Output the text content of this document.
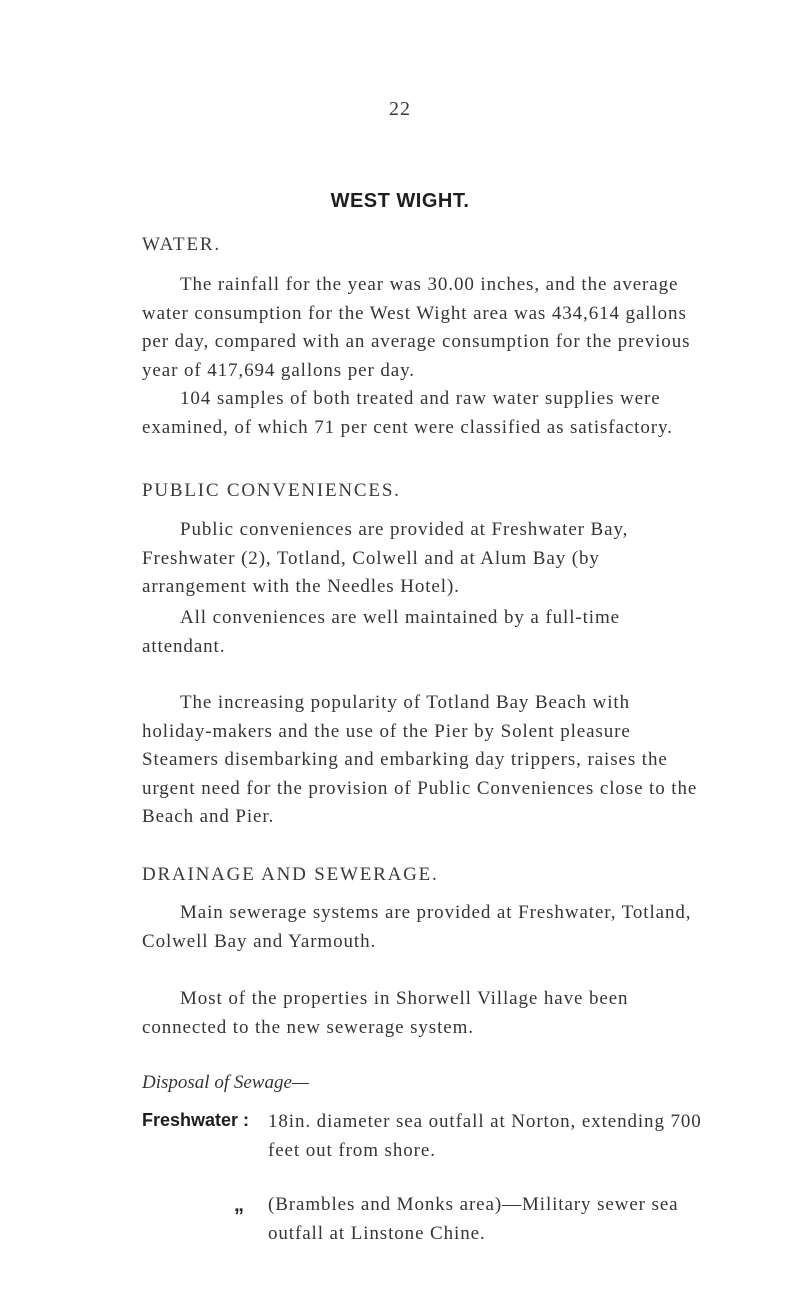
22
WEST WIGHT.
WATER.

The rainfall for the year was 30.00 inches, and the average water consumption for the West Wight area was 434,614 gallons per day, compared with an average consumption for the previous year of 417,694 gallons per day.

104 samples of both treated and raw water supplies were examined, of which 71 per cent were classified as satisfactory.

PUBLIC CONVENIENCES.

Public conveniences are provided at Freshwater Bay, Freshwater (2), Totland, Colwell and at Alum Bay (by arrangement with the Needles Hotel).

All conveniences are well maintained by a full-time attendant.

The increasing popularity of Totland Bay Beach with holiday-makers and the use of the Pier by Solent pleasure Steamers disembarking and embarking day trippers, raises the urgent need for the provision of Public Conveniences close to the Beach and Pier.

DRAINAGE AND SEWERAGE.

Main sewerage systems are provided at Freshwater, Totland, Colwell Bay and Yarmouth.

Most of the properties in Shorwell Village have been connected to the new sewerage system.

Disposal of Sewage—
Freshwater : 18in. diameter sea outfall at Norton, extending 700 feet out from shore.

„ (Brambles and Monks area)—Military sewer sea outfall at Linstone Chine.
